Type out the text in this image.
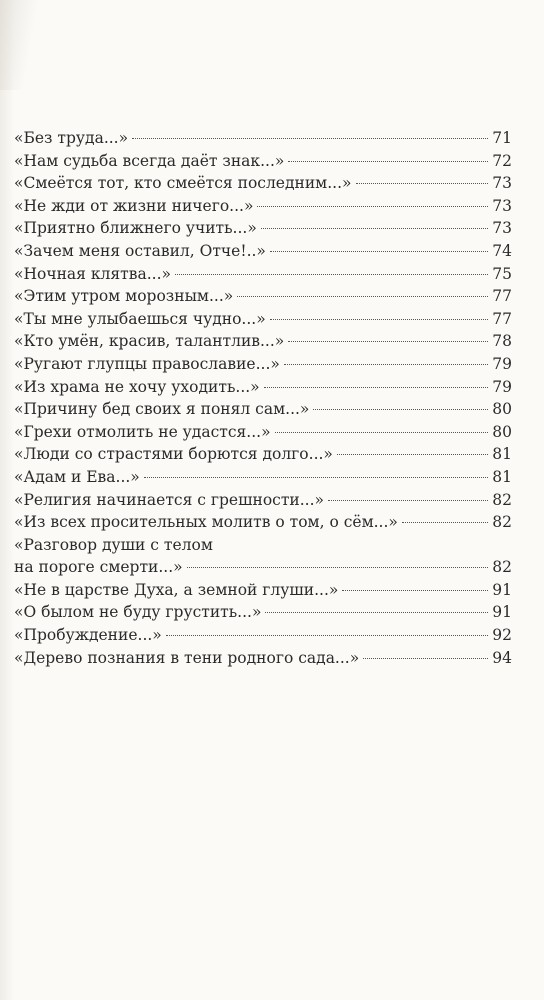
«Без труда...»	71
«Нам судьба всегда даёт знак...»	72
«Смеётся тот, кто смеётся последним...»	73
«Не жди от жизни ничего...»	73
«Приятно ближнего учить...»	73
«Зачем меня оставил, Отче!..»	74
«Ночная клятва...»	75
«Этим утром морозным...»	77
«Ты мне улыбаешься чудно...»	77
«Кто умён, красив, талантлив...»	78
«Ругают глупцы православие...»	79
«Из храма не хочу уходить...»	79
«Причину бед своих я понял сам...»	80
«Грехи отмолить не удастся...»	80
«Люди со страстями борются долго...»	81
«Адам и Ева...»	81
«Религия начинается с грешности...»	82
«Из всех просительных молитв о том, о сём...»	82
«Разговор души с телом
на пороге смерти...»	82
«Не в царстве Духа, а земной глуши...»	91
«О былом не буду грустить...»	91
«Пробуждение...»	92
«Дерево познания в тени родного сада...»	94
